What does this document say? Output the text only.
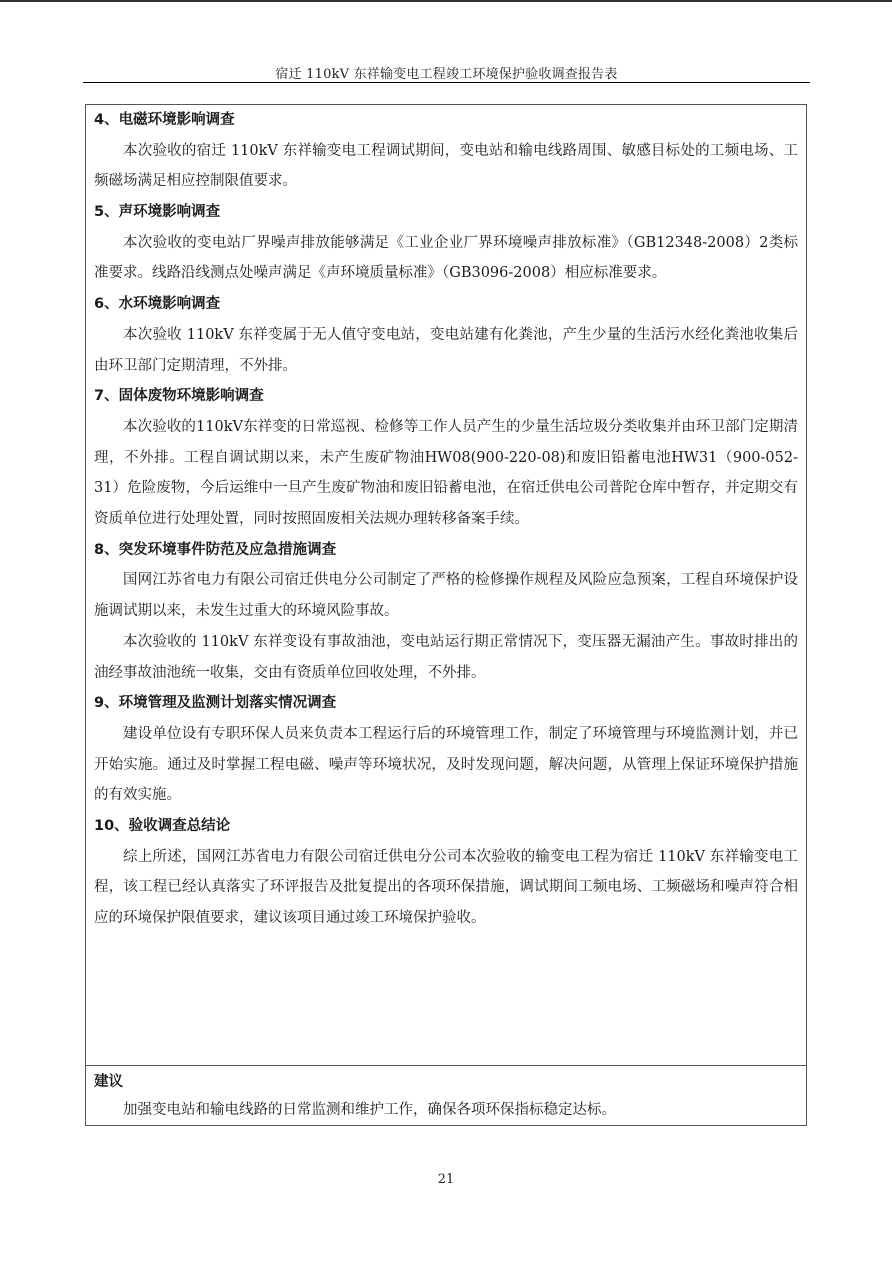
宿迁 110kV 东祥输变电工程竣工环境保护验收调查报告表

4、电磁环境影响调查

本次验收的宿迁 110kV 东祥输变电工程调试期间，变电站和输电线路周围、敏感目标处的工频电场、工频磁场满足相应控制限值要求。

5、声环境影响调查

本次验收的变电站厂界噪声排放能够满足《工业企业厂界环境噪声排放标准》（GB12348-2008）2类标准要求。线路沿线测点处噪声满足《声环境质量标准》（GB3096-2008）相应标准要求。

6、水环境影响调查

本次验收 110kV 东祥变属于无人值守变电站，变电站建有化粪池，产生少量的生活污水经化粪池收集后由环卫部门定期清理，不外排。

7、固体废物环境影响调查

本次验收的110kV东祥变的日常巡视、检修等工作人员产生的少量生活垃圾分类收集并由环卫部门定期清理，不外排。工程自调试期以来，未产生废矿物油HW08(900-220-08)和废旧铅蓄电池HW31（900-052-31）危险废物，今后运维中一旦产生废矿物油和废旧铅蓄电池，在宿迁供电公司普陀仓库中暂存，并定期交有资质单位进行处理处置，同时按照固废相关法规办理转移备案手续。

8、突发环境事件防范及应急措施调查

国网江苏省电力有限公司宿迁供电分公司制定了严格的检修操作规程及风险应急预案，工程自环境保护设施调试期以来，未发生过重大的环境风险事故。

本次验收的 110kV 东祥变设有事故油池，变电站运行期正常情况下，变压器无漏油产生。事故时排出的油经事故油池统一收集，交由有资质单位回收处理，不外排。

9、环境管理及监测计划落实情况调查

建设单位设有专职环保人员来负责本工程运行后的环境管理工作，制定了环境管理与环境监测计划，并已开始实施。通过及时掌握工程电磁、噪声等环境状况，及时发现问题，解决问题，从管理上保证环境保护措施的有效实施。

10、验收调查总结论

综上所述，国网江苏省电力有限公司宿迁供电分公司本次验收的输变电工程为宿迁 110kV 东祥输变电工程，该工程已经认真落实了环评报告及批复提出的各项环保措施，调试期间工频电场、工频磁场和噪声符合相应的环境保护限值要求，建议该项目通过竣工环境保护验收。

建议

加强变电站和输电线路的日常监测和维护工作，确保各项环保指标稳定达标。

21
